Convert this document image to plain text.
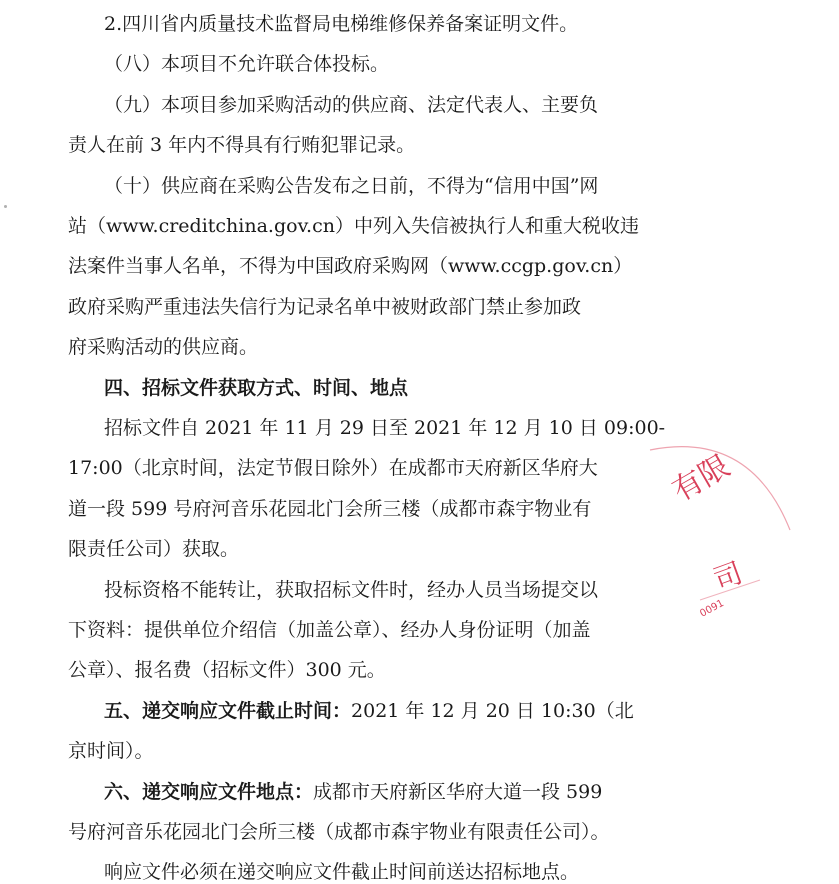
2.四川省内质量技术监督局电梯维修保养备案证明文件。
（八）本项目不允许联合体投标。
（九）本项目参加采购活动的供应商、法定代表人、主要负
责人在前 3 年内不得具有行贿犯罪记录。
（十）供应商在采购公告发布之日前，不得为“信用中国”网
站（www.creditchina.gov.cn）中列入失信被执行人和重大税收违
法案件当事人名单，不得为中国政府采购网（www.ccgp.gov.cn）
政府采购严重违法失信行为记录名单中被财政部门禁止参加政
府采购活动的供应商。
四、招标文件获取方式、时间、地点
招标文件自 2021 年 11 月 29 日至 2021 年 12 月 10 日 09:00-
17:00（北京时间，法定节假日除外）在成都市天府新区华府大
道一段 599 号府河音乐花园北门会所三楼（成都市森宇物业有
限责任公司）获取。
投标资格不能转让，获取招标文件时，经办人员当场提交以
下资料：提供单位介绍信（加盖公章）、经办人身份证明（加盖
公章）、报名费（招标文件）300 元。
五、递交响应文件截止时间：2021 年 12 月 20 日 10:30（北
京时间）。
六、递交响应文件地点：成都市天府新区华府大道一段 599
号府河音乐花园北门会所三楼（成都市森宇物业有限责任公司）。
响应文件必须在递交响应文件截止时间前送达招标地点。
有限
司
0091
